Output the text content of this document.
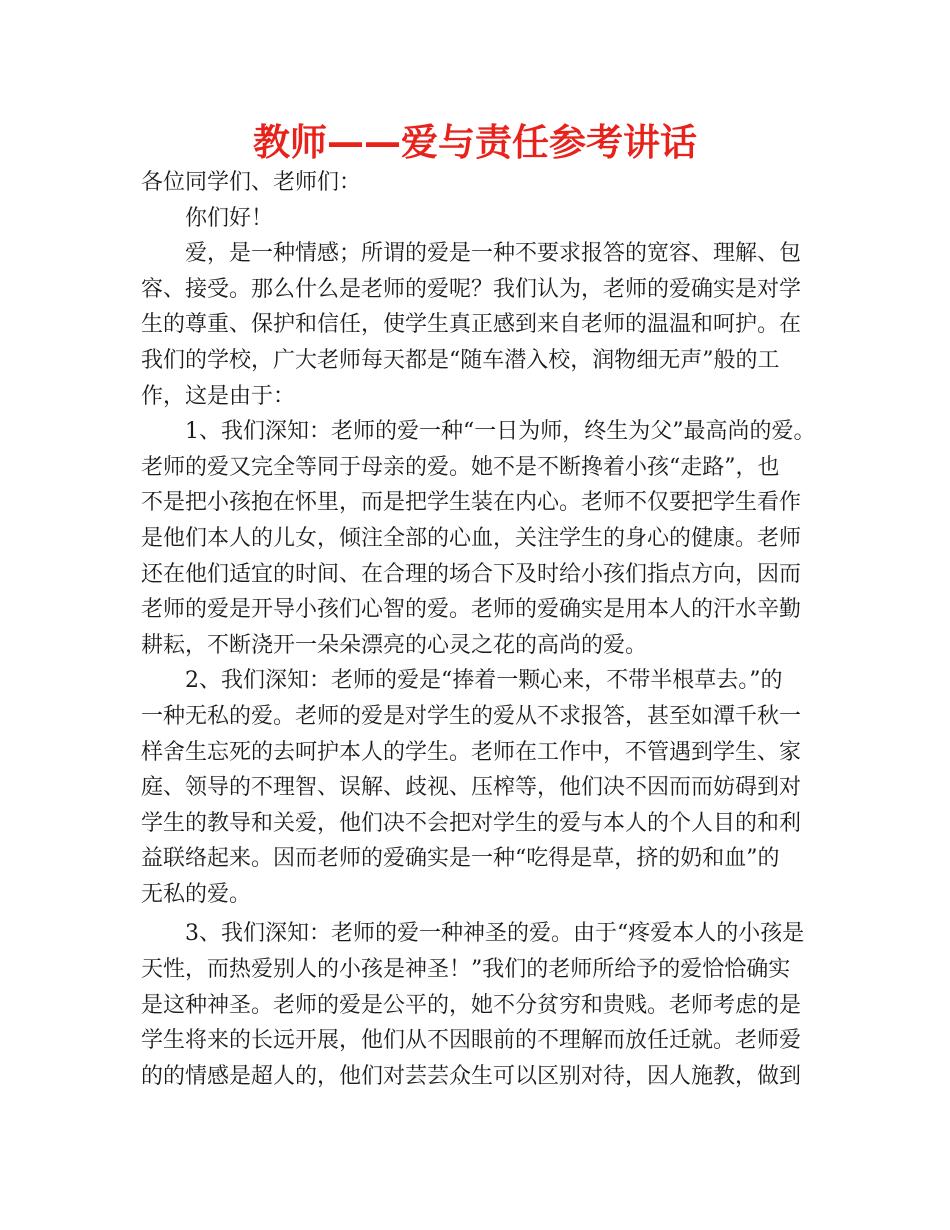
教师——爱与责任参考讲话
各位同学们、老师们：
你们好！
爱，是一种情感；所谓的爱是一种不要求报答的宽容、理解、包
容、接受。那么什么是老师的爱呢？我们认为，老师的爱确实是对学
生的尊重、保护和信任，使学生真正感到来自老师的温温和呵护。在
我们的学校，广大老师每天都是“随车潜入校，润物细无声”般的工
作，这是由于：
1、我们深知：老师的爱一种“一日为师，终生为父”最高尚的爱。
老师的爱又完全等同于母亲的爱。她不是不断搀着小孩“走路”，也
不是把小孩抱在怀里，而是把学生装在内心。老师不仅要把学生看作
是他们本人的儿女，倾注全部的心血，关注学生的身心的健康。老师
还在他们适宜的时间、在合理的场合下及时给小孩们指点方向，因而
老师的爱是开导小孩们心智的爱。老师的爱确实是用本人的汗水辛勤
耕耘，不断浇开一朵朵漂亮的心灵之花的高尚的爱。
2、我们深知：老师的爱是“捧着一颗心来，不带半根草去。”的
一种无私的爱。老师的爱是对学生的爱从不求报答，甚至如潭千秋一
样舍生忘死的去呵护本人的学生。老师在工作中，不管遇到学生、家
庭、领导的不理智、误解、歧视、压榨等，他们决不因而而妨碍到对
学生的教导和关爱，他们决不会把对学生的爱与本人的个人目的和利
益联络起来。因而老师的爱确实是一种“吃得是草，挤的奶和血”的
无私的爱。
3、我们深知：老师的爱一种神圣的爱。由于“疼爱本人的小孩是
天性，而热爱别人的小孩是神圣！”我们的老师所给予的爱恰恰确实
是这种神圣。老师的爱是公平的，她不分贫穷和贵贱。老师考虑的是
学生将来的长远开展，他们从不因眼前的不理解而放任迁就。老师爱
的的情感是超人的，他们对芸芸众生可以区别对待，因人施教，做到
